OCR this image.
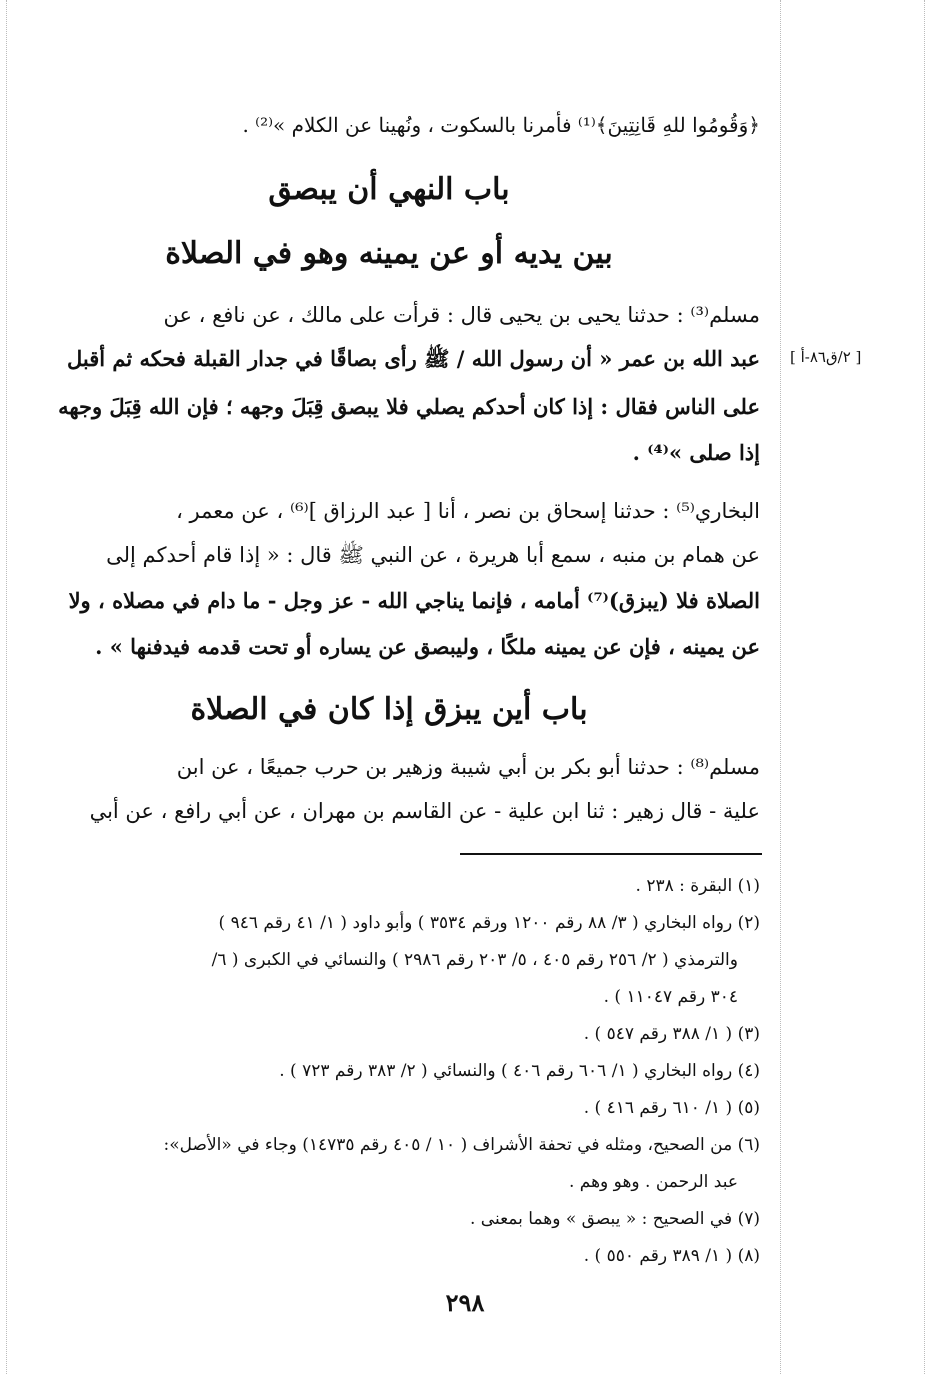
﴿وَقُومُوا للهِ قَانِتِينَ﴾⁽¹⁾ فأُمرنا بالسكوت ، ونُهينا عن الكلام »⁽²⁾ .
باب النهي أن يبصق
بين يديه أو عن يمينه وهو في الصلاة
مسلم⁽³⁾ : حدثنا يحيى بن يحيى قال : قرأت على مالك ، عن نافع ، عن
عبد الله بن عمر « أن رسول الله / ﷺ رأى بصاقًا في جدار القبلة فحكه ثم أقبل
على الناس فقال : إذا كان أحدكم يصلي فلا يبصق قِبَلَ وجهه ؛ فإن الله قِبَلَ وجهه
إذا صلى »⁽⁴⁾ .
[ ٢/ق٨٦-أ ]
البخاري⁽⁵⁾ : حدثنا إسحاق بن نصر ، أنا [ عبد الرزاق ]⁽⁶⁾ ، عن معمر ،
عن همام بن منبه ، سمع أبا هريرة ، عن النبي ﷺ قال : « إذا قام أحدكم إلى
الصلاة فلا (يبزق)⁽⁷⁾ أمامه ، فإنما يناجي الله - عز وجل - ما دام في مصلاه ، ولا
عن يمينه ، فإن عن يمينه ملكًا ، وليبصق عن يساره أو تحت قدمه فيدفنها » .
باب أين يبزق إذا كان في الصلاة
مسلم⁽⁸⁾ : حدثنا أبو بكر بن أبي شيبة وزهير بن حرب جميعًا ، عن ابن
علية - قال زهير : ثنا ابن علية - عن القاسم بن مهران ، عن أبي رافع ، عن أبي
(١) البقرة : ٢٣٨ .
(٢) رواه البخاري ( ٣/ ٨٨ رقم ١٢٠٠ ورقم ٣٥٣٤ ) وأبو داود ( ١/ ٤١ رقم ٩٤٦ )
والترمذي ( ٢/ ٢٥٦ رقم ٤٠٥ ، ٥/ ٢٠٣ رقم ٢٩٨٦ ) والنسائي في الكبرى ( ٦/
٣٠٤ رقم ١١٠٤٧ ) .
(٣) ( ١/ ٣٨٨ رقم ٥٤٧ ) .
(٤) رواه البخاري ( ١/ ٦٠٦ رقم ٤٠٦ ) والنسائي ( ٢/ ٣٨٣ رقم ٧٢٣ ) .
(٥) ( ١/ ٦١٠ رقم ٤١٦ ) .
(٦) من الصحيح، ومثله في تحفة الأشراف ( ١٠ / ٤٠٥ رقم ١٤٧٣٥) وجاء في «الأصل»:
عبد الرحمن . وهو وهم .
(٧) في الصحيح : « يبصق » وهما بمعنى .
(٨) ( ١/ ٣٨٩ رقم ٥٥٠ ) .
٢٩٨
